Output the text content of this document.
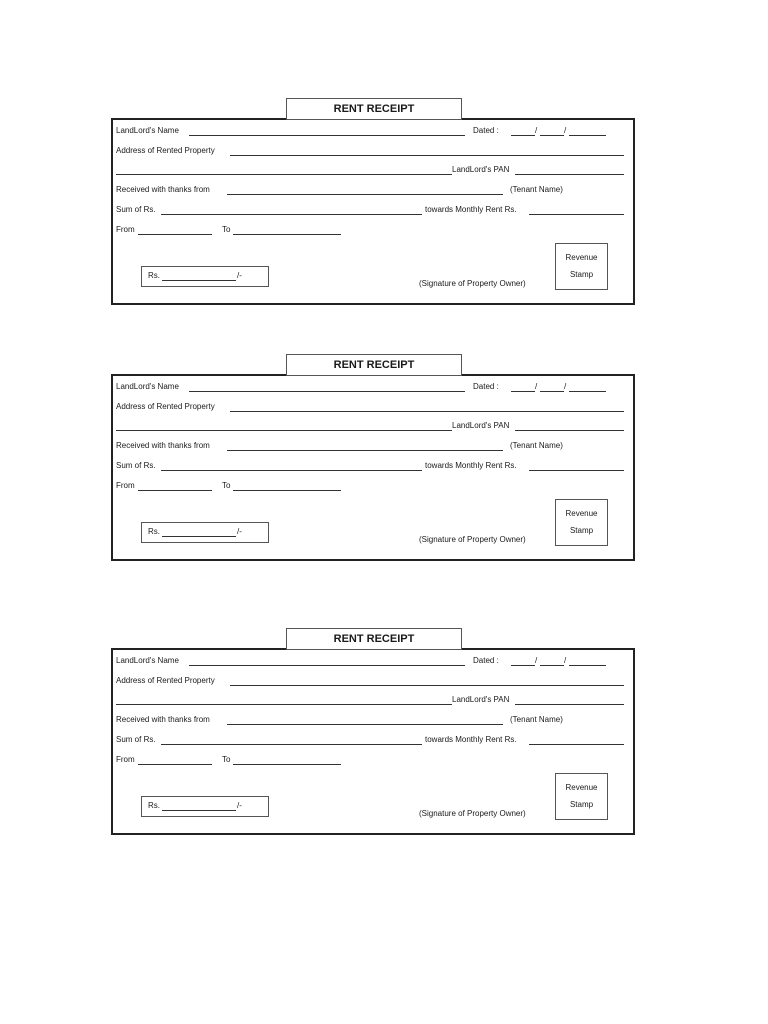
RENT RECEIPT
LandLord's Name	Dated :	/	/
Address of Rented Property
LandLord's PAN
Received with thanks from	(Tenant Name)
Sum of Rs.	towards Monthly Rent Rs.
From	To
(Signature of Property Owner)
Rs.	/-
Revenue
Stamp
RENT RECEIPT
LandLord's Name	Dated :	/	/
Address of Rented Property
LandLord's PAN
Received with thanks from	(Tenant Name)
Sum of Rs.	towards Monthly Rent Rs.
From	To
(Signature of Property Owner)
Rs.	/-
Revenue
Stamp
RENT RECEIPT
LandLord's Name	Dated :	/	/
Address of Rented Property
LandLord's PAN
Received with thanks from	(Tenant Name)
Sum of Rs.	towards Monthly Rent Rs.
From	To
(Signature of Property Owner)
Rs.	/-
Revenue
Stamp
